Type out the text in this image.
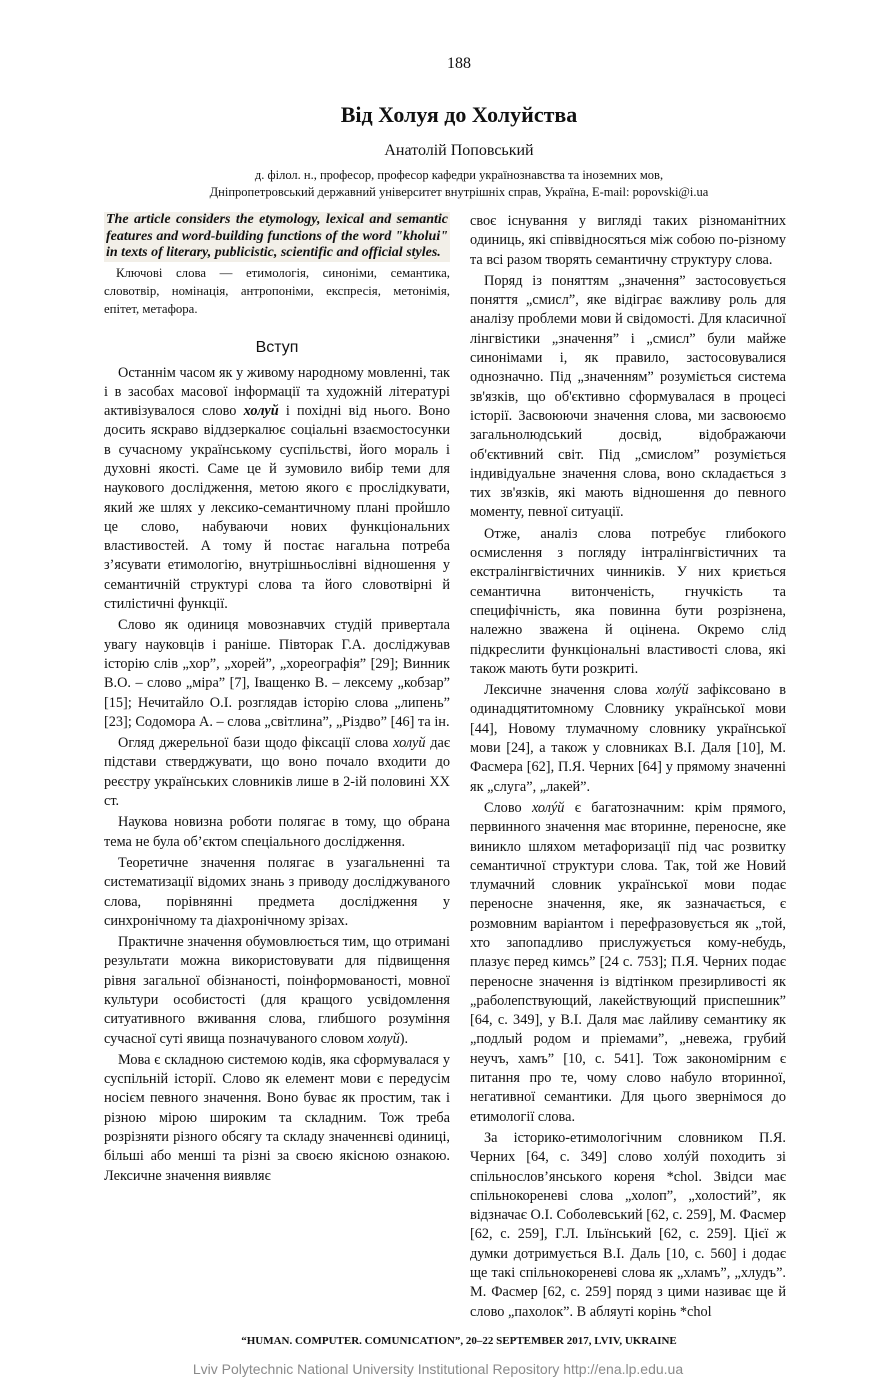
188
Від Холуя до Холуйства
Анатолій Поповський
д. філол. н., професор, професор кафедри українознавства та іноземних мов,
Дніпропетровський державний університет внутрішніх справ, Україна, E-mail: popovski@i.ua
The article considers the etymology, lexical and semantic features and word-building functions of the word "kholui" in texts of literary, publicistic, scientific and official styles.
Ключові слова — етимологія, синоніми, семантика, словотвір, номінація, антропоніми, експресія, метонімія, епітет, метафора.
Вступ

Останнім часом як у живому народному мовленні, так і в засобах масової інформації та художній літературі активізувалося слово холуй і похідні від нього. Воно досить яскраво віддзеркалює соціальні взаємостосунки в сучасному українському суспільстві, його мораль і духовні якості. Саме це й зумовило вибір теми для наукового дослідження, метою якого є прослідкувати, який же шлях у лексико-семантичному плані пройшло це слово, набуваючи нових функціональних властивостей. А тому й постає нагальна потреба з’ясувати етимологію, внутрішньослівні відношення у семантичній структурі слова та його словотвірні й стилістичні функції.

Слово як одиниця мовознавчих студій привертала увагу науковців і раніше. Півторак Г.А. досліджував історію слів „хор”, „хорей”, „хореографія” [29]; Винник В.О. – слово „міра” [7], Іващенко В. – лексему „кобзар” [15]; Нечитайло О.І. розглядав історію слова „липень” [23]; Содомора А. – слова „світлина”, „Різдво” [46] та ін.

Огляд джерельної бази щодо фіксації слова холуй дає підстави стверджувати, що воно почало входити до реєстру українських словників лише в 2-ій половині ХХ ст.

Наукова новизна роботи полягає в тому, що обрана тема не була об’єктом спеціального дослідження.

Теоретичне значення полягає в узагальненні та систематизації відомих знань з приводу досліджуваного слова, порівнянні предмета дослідження у синхронічному та діахронічному зрізах.

Практичне значення обумовлюється тим, що отримані результати можна використовувати для підвищення рівня загальної обізнаності, поінформованості, мовної культури особистості (для кращого усвідомлення ситуативного вживання слова, глибшого розуміння сучасної суті явища позначуваного словом холуй).

Мова є складною системою кодів, яка сформувалася у суспільній історії. Слово як елемент мови є передусім носієм певного значення. Воно буває як простим, так і різною мірою широким та складним. Тож треба розрізняти різного обсягу та складу значеннєві одиниці, більші або менші та різні за своєю якісною ознакою. Лексичне значення виявляє

своє існування у вигляді таких різноманітних одиниць, які співвідносяться між собою по-різному та всі разом творять семантичну структуру слова.

Поряд із поняттям „значення” застосовується поняття „смисл”, яке відіграє важливу роль для аналізу проблеми мови й свідомості. Для класичної лінгвістики „значення” і „смисл” були майже синонімами і, як правило, застосовувалися однозначно. Під „значенням” розуміється система зв'язків, що об'єктивно сформувалася в процесі історії. Засвоюючи значення слова, ми засвоюємо загальнолюдський досвід, відображаючи об'єктивний світ. Під „смислом” розуміється індивідуальне значення слова, воно складається з тих зв'язків, які мають відношення до певного моменту, певної ситуації.

Отже, аналіз слова потребує глибокого осмислення з погляду інтралінгвістичних та екстралінгвістичних чинників. У них криється семантична витонченість, гнучкість та специфічність, яка повинна бути розрізнена, належно зважена й оцінена. Окремо слід підкреслити функціональні властивості слова, які також мають бути розкриті.

Лексичне значення слова холýй зафіксовано в одинадцятитомному Словнику української мови [44], Новому тлумачному словнику української мови [24], а також у словниках В.І. Даля [10], М. Фасмера [62], П.Я. Черних [64] у прямому значенні як „слуга”, „лакей”.

Слово холýй є багатозначним: крім прямого, первинного значення має вторинне, переносне, яке виникло шляхом метафоризації під час розвитку семантичної структури слова. Так, той же Новий тлумачний словник української мови подає переносне значення, яке, як зазначається, є розмовним варіантом і перефразовується як „той, хто запопадливо прислужується кому-небудь, плазує перед кимсь” [24 с. 753]; П.Я. Черних подає переносне значення із відтінком презирливості як „раболепствующий, лакействующий приспешник” [64, с. 349], у В.І. Даля має лайливу семантику як „подлый родом и пріемами”, „невежа, грубий неучъ, хамъ” [10, с. 541]. Тож закономірним є питання про те, чому слово набуло вторинної, негативної семантики. Для цього звернімося до етимології слова.

За історико-етимологічним словником П.Я. Черних [64, с. 349] слово холýй походить зі спільнослов’янського кореня *chol. Звідси має спільнокореневі слова „холоп”, „холостий”, як відзначає О.І. Соболевський [62, с. 259], М. Фасмер [62, с. 259], Г.Л. Ільїнський [62, с. 259]. Цієї ж думки дотримується В.І. Даль [10, с. 560] і додає ще такі спільнокореневі слова як „хламъ”, „хлудъ”. М. Фасмер [62, с. 259] поряд з цими називає ще й слово „пахолок”. В абляуті корінь *chol

“HUMAN. COMPUTER. COMUNICATION”, 20–22 SEPTEMBER 2017, LVIV, UKRAINE
Lviv Polytechnic National University Institutional Repository http://ena.lp.edu.ua
